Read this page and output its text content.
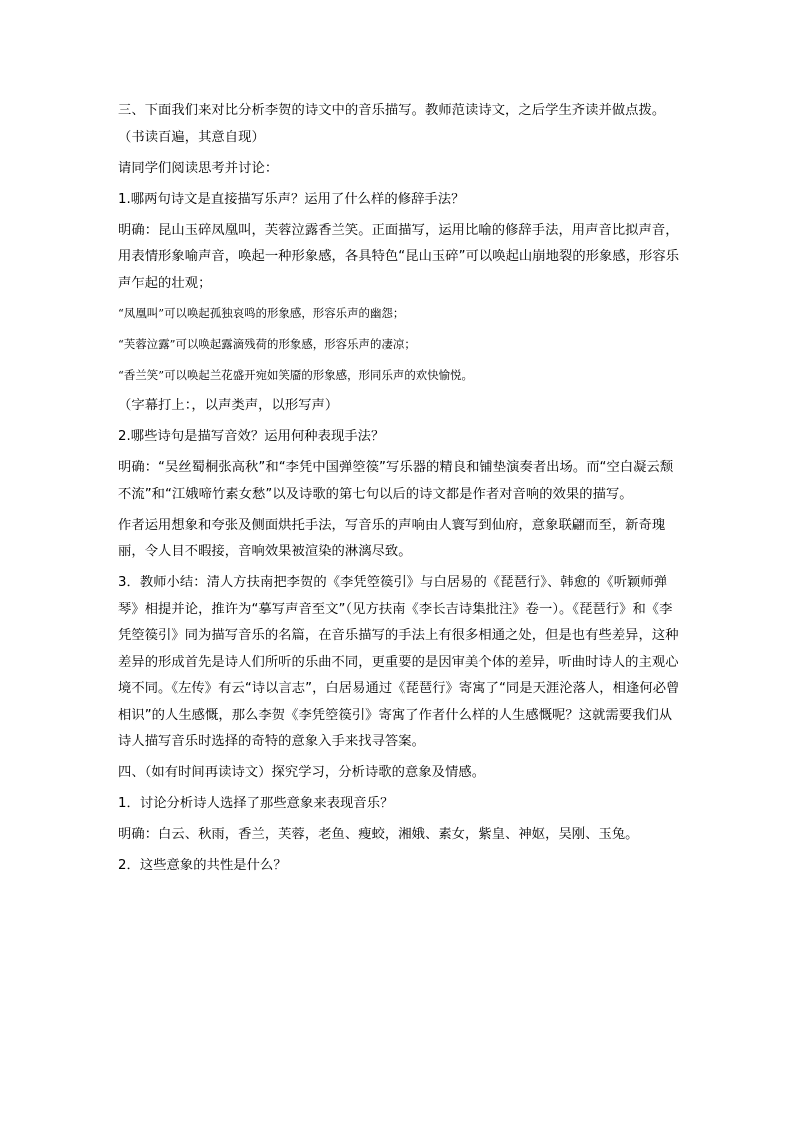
三、下面我们来对比分析李贺的诗文中的音乐描写。教师范读诗文，之后学生齐读并做点拨。（书读百遍，其意自现）

请同学们阅读思考并讨论：

1.哪两句诗文是直接描写乐声？运用了什么样的修辞手法？

明确：昆山玉碎凤凰叫，芙蓉泣露香兰笑。正面描写，运用比喻的修辞手法，用声音比拟声音，用表情形象喻声音，唤起一种形象感，各具特色“昆山玉碎”可以唤起山崩地裂的形象感，形容乐声乍起的壮观；

“凤凰叫”可以唤起孤独哀鸣的形象感，形容乐声的幽怨；

“芙蓉泣露”可以唤起露滴残荷的形象感，形容乐声的凄凉；

“香兰笑”可以唤起兰花盛开宛如笑靥的形象感，形同乐声的欢快愉悦。

（字幕打上：，以声类声，以形写声）

2.哪些诗句是描写音效？运用何种表现手法？

明确：“吴丝蜀桐张高秋”和“李凭中国弹箜篌”写乐器的精良和铺垫演奏者出场。而“空白凝云颓不流”和“江娥啼竹素女愁”以及诗歌的第七句以后的诗文都是作者对音响的效果的描写。

作者运用想象和夸张及侧面烘托手法，写音乐的声响由人寰写到仙府，意象联翩而至，新奇瑰丽，令人目不暇接，音响效果被渲染的淋漓尽致。

3．教师小结：清人方扶南把李贺的《李凭箜篌引》与白居易的《琵琶行》、韩愈的《听颖师弹琴》相提并论，推许为“摹写声音至文”（见方扶南《李长吉诗集批注》卷一）。《琵琶行》和《李凭箜篌引》同为描写音乐的名篇，在音乐描写的手法上有很多相通之处，但是也有些差异，这种差异的形成首先是诗人们所听的乐曲不同，更重要的是因审美个体的差异，听曲时诗人的主观心境不同。《左传》有云“诗以言志”，白居易通过《琵琶行》寄寓了“同是天涯沦落人，相逢何必曾相识”的人生感慨，那么李贺《李凭箜篌引》寄寓了作者什么样的人生感慨呢？这就需要我们从诗人描写音乐时选择的奇特的意象入手来找寻答案。

四、（如有时间再读诗文）探究学习，分析诗歌的意象及情感。

1．讨论分析诗人选择了那些意象来表现音乐？

明确：白云、秋雨，香兰，芙蓉，老鱼、瘦蛟，湘娥、素女，紫皇、神妪，吴刚、玉兔。

2．这些意象的共性是什么？
